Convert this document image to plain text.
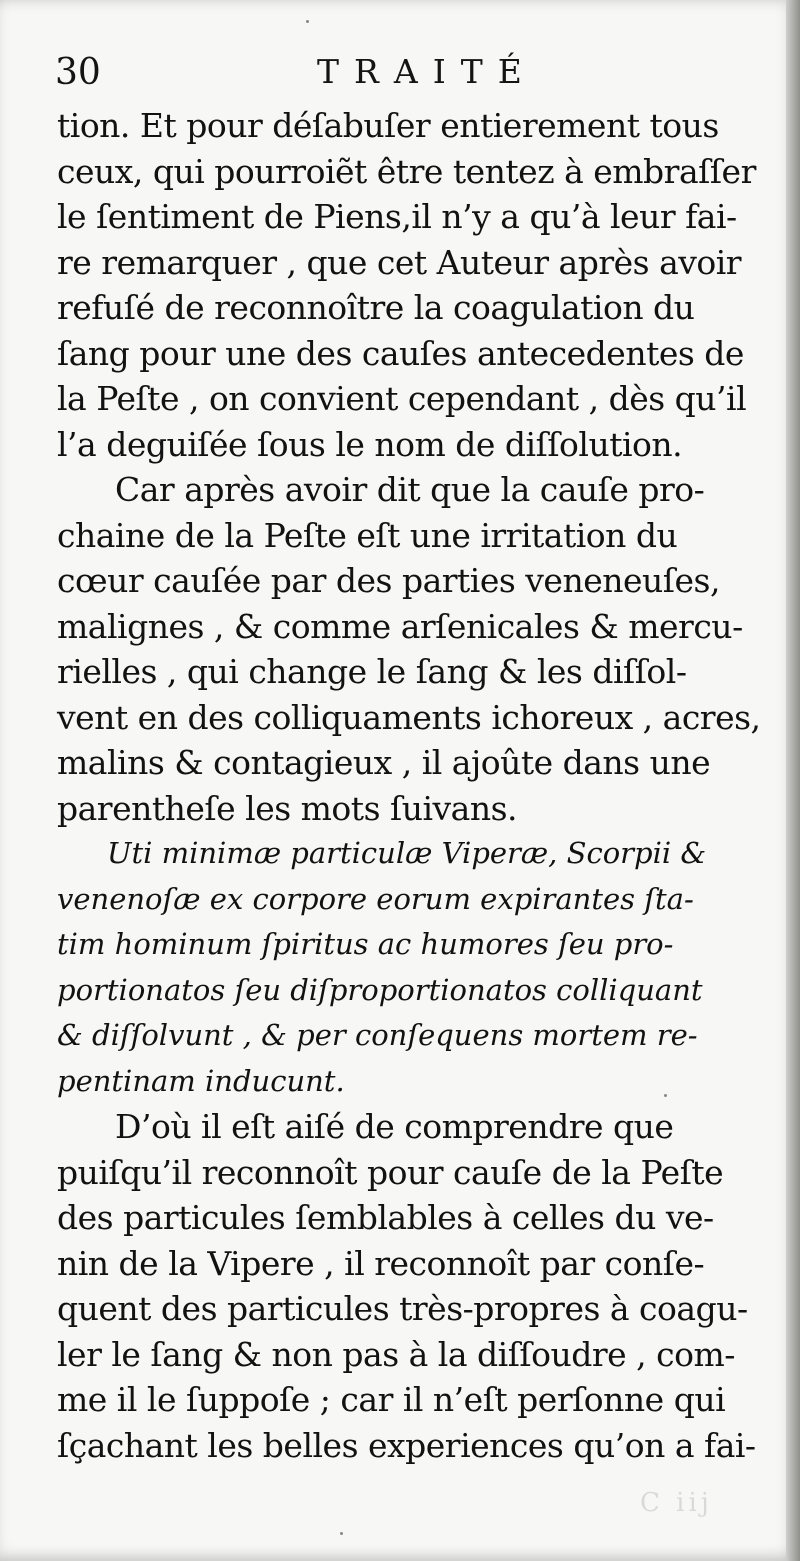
30	TRAITÉ
tion. Et pour déſabuſer entierement tous
ceux, qui pourroiẽt être tentez à embraſſer
le ſentiment de Piens,il n’y a qu’à leur fai-
re remarquer , que cet Auteur après avoir
refuſé de reconnoître la coagulation du
ſang pour une des cauſes antecedentes de
la Peſte , on convient cependant , dès qu’il
l’a deguiſée ſous le nom de diſſolution.
Car après avoir dit que la cauſe pro-
chaine de la Peſte eſt une irritation du
cœur cauſée par des parties veneneuſes,
malignes , & comme arſenicales & mercu-
rielles , qui change le ſang & les diſſol-
vent en des colliquaments ichoreux , acres,
malins & contagieux , il ajoûte dans une
parentheſe les mots ſuivans.
Uti minimæ particulæ Viperæ, Scorpii &
venenoſæ ex corpore eorum expirantes ſta-
tim hominum ſpiritus ac humores ſeu pro-
portionatos ſeu diſproportionatos colliquant
& diſſolvunt , & per conſequens mortem re-
pentinam inducunt.
D’où il eſt aiſé de comprendre que
puiſqu’il reconnoît pour cauſe de la Peſte
des particules ſemblables à celles du ve-
nin de la Vipere , il reconnoît par conſe-
quent des particules très-propres à coagu-
ler le ſang & non pas à la diſſoudre , com-
me il le ſuppoſe ; car il n’eſt perſonne qui
ſçachant les belles experiences qu’on a fai-
C iij
